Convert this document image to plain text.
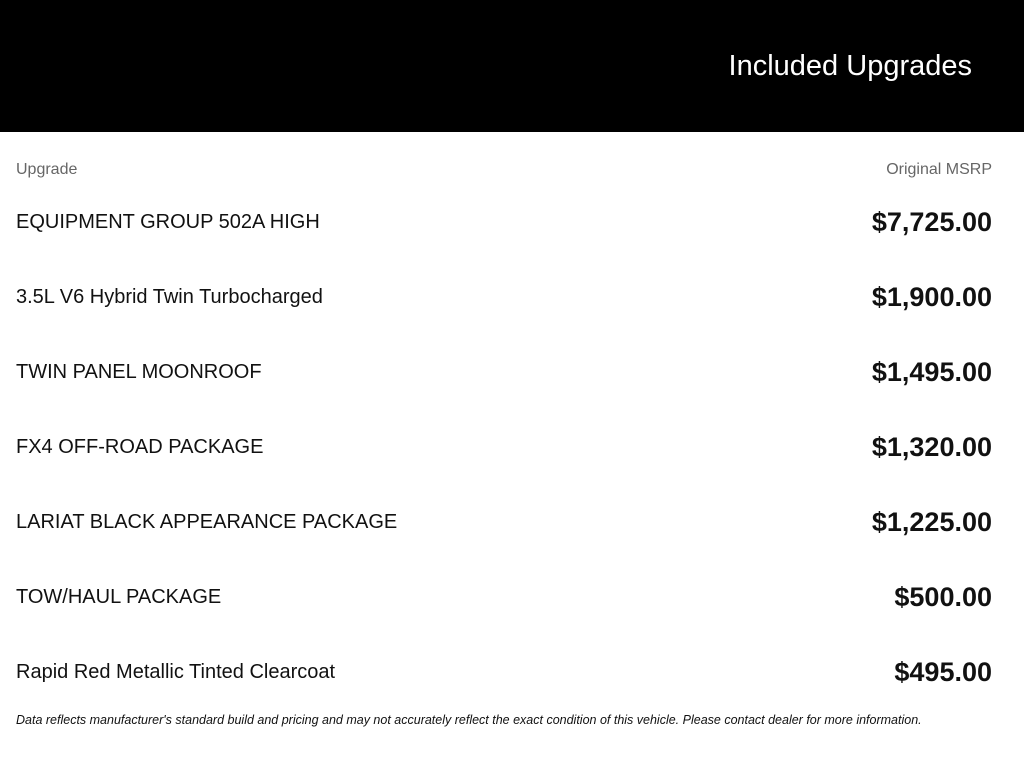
Included Upgrades
Upgrade	Original MSRP
EQUIPMENT GROUP 502A HIGH	$7,725.00
3.5L V6 Hybrid Twin Turbocharged	$1,900.00
TWIN PANEL MOONROOF	$1,495.00
FX4 OFF-ROAD PACKAGE	$1,320.00
LARIAT BLACK APPEARANCE PACKAGE	$1,225.00
TOW/HAUL PACKAGE	$500.00
Rapid Red Metallic Tinted Clearcoat	$495.00
Data reflects manufacturer's standard build and pricing and may not accurately reflect the exact condition of this vehicle. Please contact dealer for more information.
